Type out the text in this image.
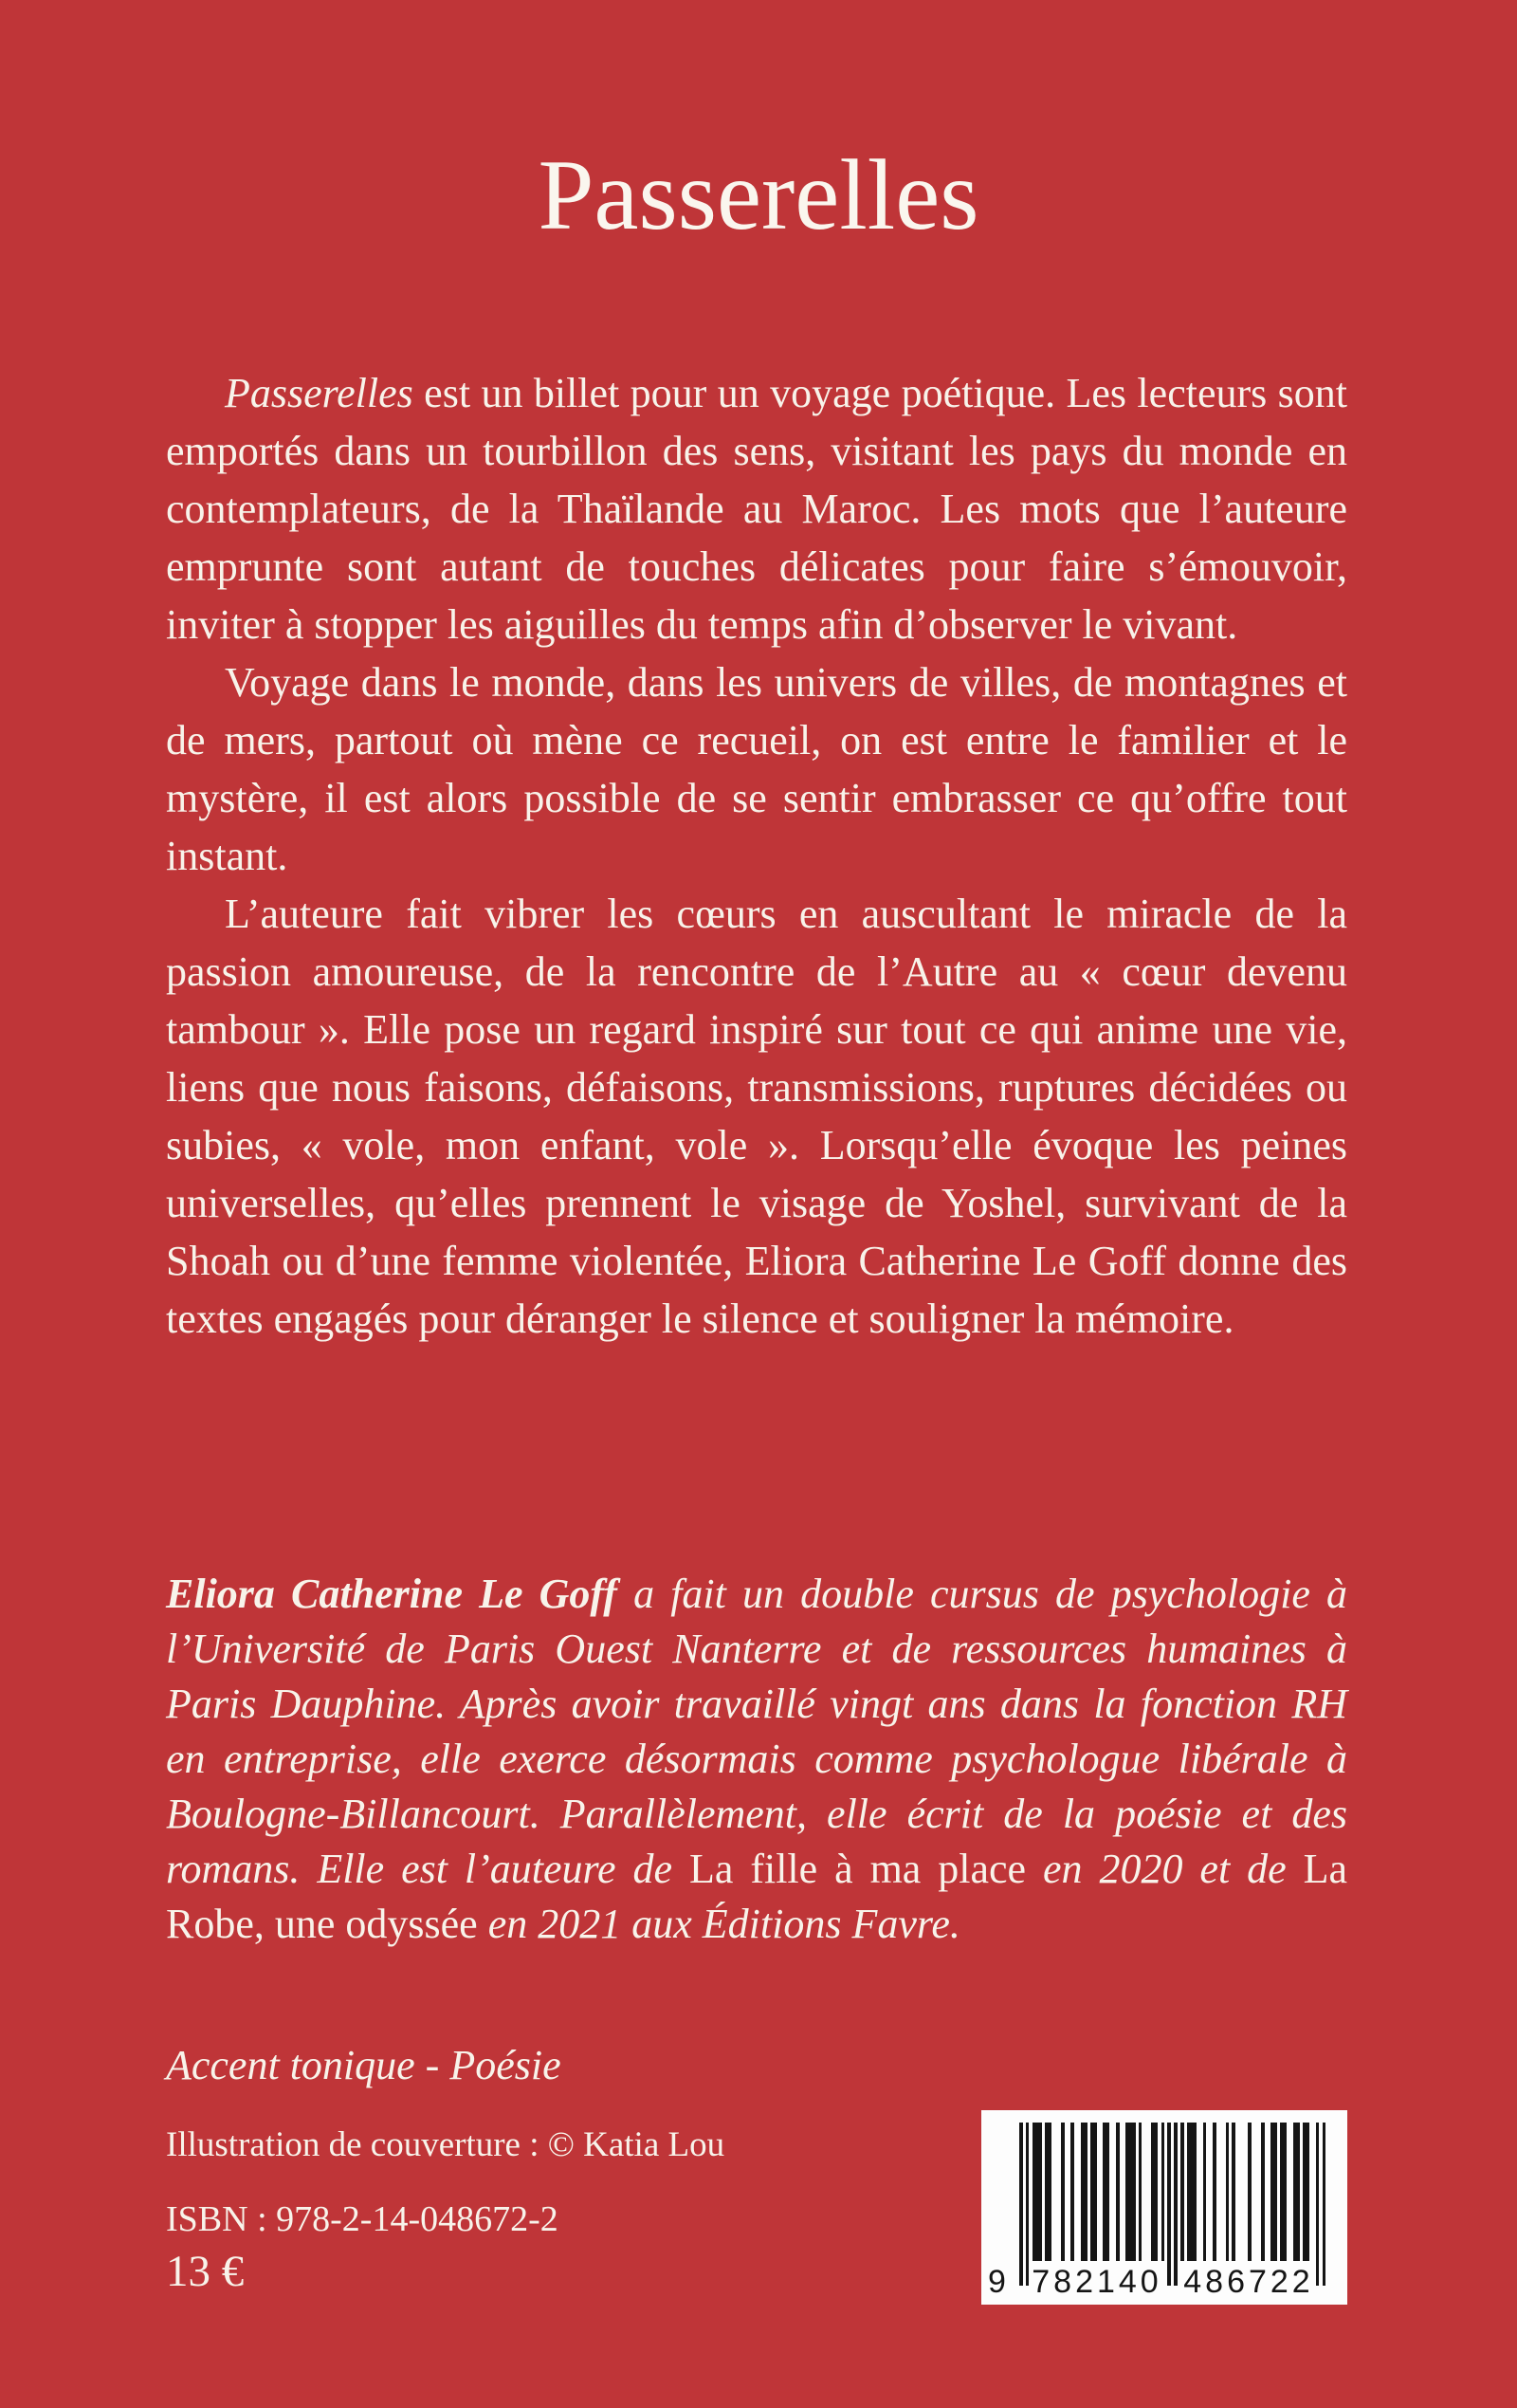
Passerelles

Passerelles est un billet pour un voyage poétique. Les lecteurs sont emportés dans un tourbillon des sens, visitant les pays du monde en contemplateurs, de la Thaïlande au Maroc. Les mots que l’auteure emprunte sont autant de touches délicates pour faire s’émouvoir, inviter à stopper les aiguilles du temps afin d’observer le vivant.

Voyage dans le monde, dans les univers de villes, de montagnes et de mers, partout où mène ce recueil, on est entre le familier et le mystère, il est alors possible de se sentir embrasser ce qu’offre tout instant.

L’auteure fait vibrer les cœurs en auscultant le miracle de la passion amoureuse, de la rencontre de l’Autre au « cœur devenu tambour ». Elle pose un regard inspiré sur tout ce qui anime une vie, liens que nous faisons, défaisons, transmissions, ruptures décidées ou subies, « vole, mon enfant, vole ». Lorsqu’elle évoque les peines universelles, qu’elles prennent le visage de Yoshel, survivant de la Shoah ou d’une femme violentée, Eliora Catherine Le Goff donne des textes engagés pour déranger le silence et souligner la mémoire.

Eliora Catherine Le Goff a fait un double cursus de psychologie à l’Université de Paris Ouest Nanterre et de ressources humaines à Paris Dauphine. Après avoir travaillé vingt ans dans la fonction RH en entreprise, elle exerce désormais comme psychologue libérale à Boulogne-Billancourt. Parallèlement, elle écrit de la poésie et des romans. Elle est l’auteure de La fille à ma place en 2020 et de La Robe, une odyssée en 2021 aux Éditions Favre.

Accent tonique - Poésie
Illustration de couverture : © Katia Lou
ISBN : 978-2-14-048672-2
13 €	9 782140 486722
